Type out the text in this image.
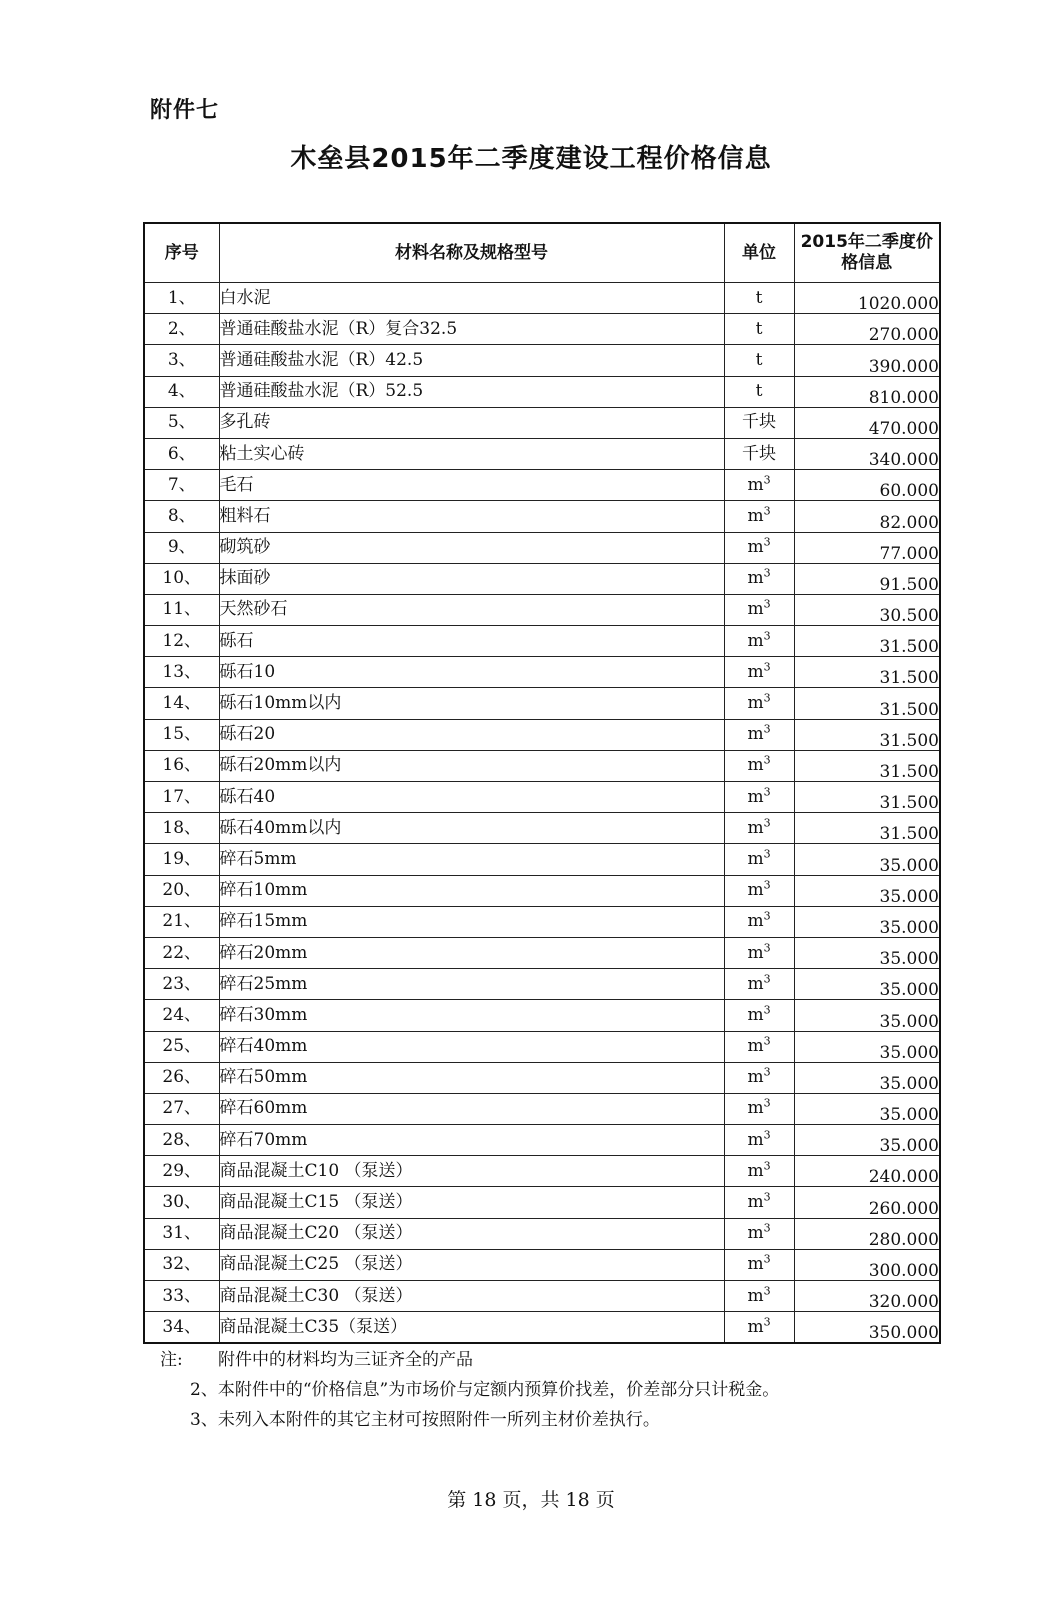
附件七
木垒县2015年二季度建设工程价格信息
序号	材料名称及规格型号	单位	2015年二季度价格信息
1、	白水泥	t	1020.000
2、	普通硅酸盐水泥（R）复合32.5	t	270.000
3、	普通硅酸盐水泥（R）42.5	t	390.000
4、	普通硅酸盐水泥（R）52.5	t	810.000
5、	多孔砖	千块	470.000
6、	粘土实心砖	千块	340.000
7、	毛石	$m^3$	60.000
8、	粗料石	$m^3$	82.000
9、	砌筑砂	$m^3$	77.000
10、	抹面砂	$m^3$	91.500
11、	天然砂石	$m^3$	30.500
12、	砾石	$m^3$	31.500
13、	砾石10	$m^3$	31.500
14、	砾石10mm以内	$m^3$	31.500
15、	砾石20	$m^3$	31.500
16、	砾石20mm以内	$m^3$	31.500
17、	砾石40	$m^3$	31.500
18、	砾石40mm以内	$m^3$	31.500
19、	碎石5mm	$m^3$	35.000
20、	碎石10mm	$m^3$	35.000
21、	碎石15mm	$m^3$	35.000
22、	碎石20mm	$m^3$	35.000
23、	碎石25mm	$m^3$	35.000
24、	碎石30mm	$m^3$	35.000
25、	碎石40mm	$m^3$	35.000
26、	碎石50mm	$m^3$	35.000
27、	碎石60mm	$m^3$	35.000
28、	碎石70mm	$m^3$	35.000
29、	商品混凝土C10 （泵送）	$m^3$	240.000
30、	商品混凝土C15 （泵送）	$m^3$	260.000
31、	商品混凝土C20 （泵送）	$m^3$	280.000
32、	商品混凝土C25 （泵送）	$m^3$	300.000
33、	商品混凝土C30 （泵送）	$m^3$	320.000
34、	商品混凝土C35（泵送）	$m^3$	350.000
注: 附件中的材料均为三证齐全的产品
2、本附件中的“价格信息”为市场价与定额内预算价找差，价差部分只计税金。
3、未列入本附件的其它主材可按照附件一所列主材价差执行。
第 18 页，共 18 页
